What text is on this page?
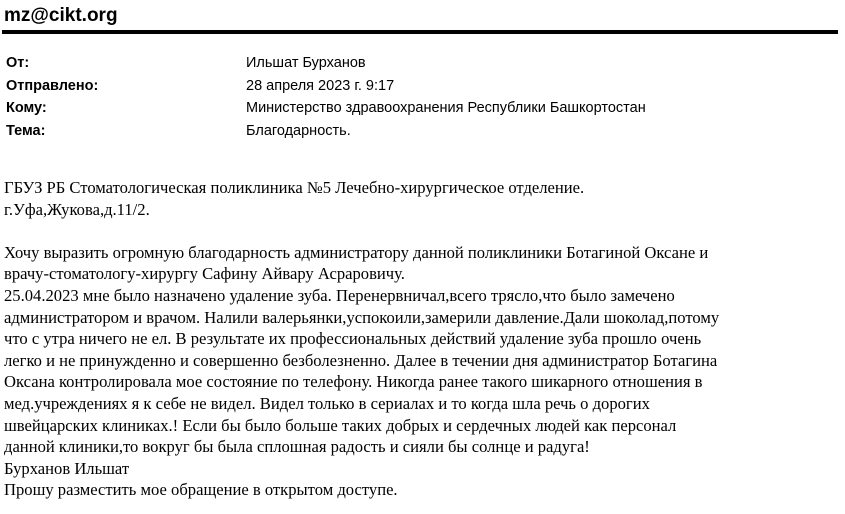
mz@cikt.org
От:	Ильшат Бурханов
Отправлено:	28 апреля 2023 г. 9:17
Кому:	Министерство здравоохранения Республики Башкортостан
Тема:	Благодарность.
ГБУЗ РБ Стоматологическая поликлиника №5 Лечебно-хирургическое отделение.
г.Уфа,Жукова,д.11/2.
Хочу выразить огромную благодарность администратору данной поликлиники Ботагиной Оксане и
врачу-стоматологу-хирургу Сафину Айвару Асраровичу.
25.04.2023 мне было назначено удаление зуба. Перенервничал,всего трясло,что было замечено
администратором и врачом. Налили валерьянки,успокоили,замерили давление.Дали шоколад,потому
что с утра ничего не ел. В результате их профессиональных действий удаление зуба прошло очень
легко и не принужденно и совершенно безболезненно. Далее в течении дня администратор Ботагина
Оксана контролировала мое состояние по телефону. Никогда ранее такого шикарного отношения в
мед.учреждениях я к себе не видел. Видел только в сериалах и то когда шла речь о дорогих
швейцарских клиниках.! Если бы было больше таких добрых и сердечных людей как персонал
данной клиники,то вокруг бы была сплошная радость и сияли бы солнце и радуга!
Бурханов Ильшат
Прошу разместить мое обращение в открытом доступе.
